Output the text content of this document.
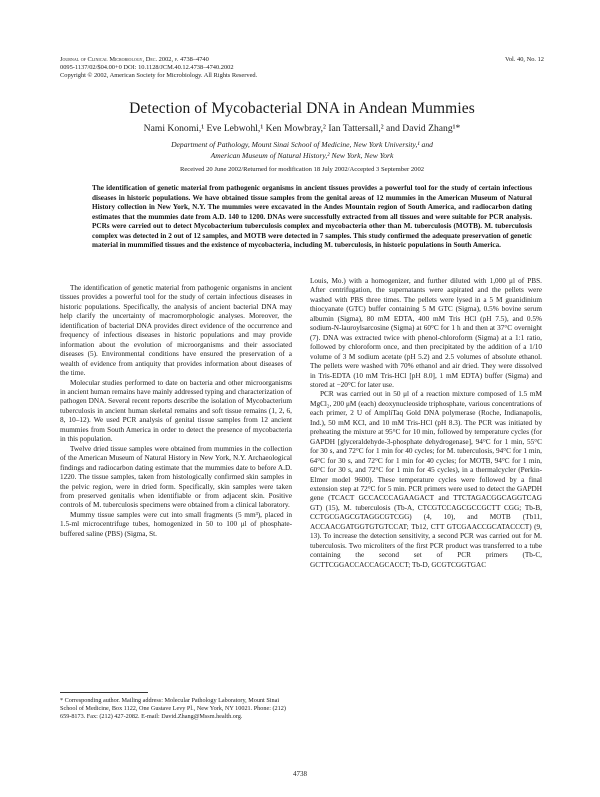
Journal of Clinical Microbiology, Dec. 2002, p. 4738–4740
0095-1137/02/$04.00+0 DOI: 10.1128/JCM.40.12.4738–4740.2002
Copyright © 2002, American Society for Microbiology. All Rights Reserved.
Vol. 40, No. 12
Detection of Mycobacterial DNA in Andean Mummies
Nami Konomi,¹ Eve Lebwohl,¹ Ken Mowbray,² Ian Tattersall,² and David Zhang¹*
Department of Pathology, Mount Sinai School of Medicine, New York University,¹ and
American Museum of Natural History,² New York, New York
Received 20 June 2002/Returned for modification 18 July 2002/Accepted 3 September 2002
The identification of genetic material from pathogenic organisms in ancient tissues provides a powerful tool for the study of certain infectious diseases in historic populations. We have obtained tissue samples from the genital areas of 12 mummies in the American Museum of Natural History collection in New York, N.Y. The mummies were excavated in the Andes Mountain region of South America, and radiocarbon dating estimates that the mummies date from A.D. 140 to 1200. DNAs were successfully extracted from all tissues and were suitable for PCR analysis. PCRs were carried out to detect Mycobacterium tuberculosis complex and mycobacteria other than M. tuberculosis (MOTB). M. tuberculosis complex was detected in 2 out of 12 samples, and MOTB were detected in 7 samples. This study confirmed the adequate preservation of genetic material in mummified tissues and the existence of mycobacteria, including M. tuberculosis, in historic populations in South America.

The identification of genetic material from pathogenic organisms in ancient tissues provides a powerful tool for the study of certain infectious diseases in historic populations. Specifically, the analysis of ancient bacterial DNA may help clarify the uncertainty of macromorphologic analyses. Moreover, the identification of bacterial DNA provides direct evidence of the occurrence and frequency of infectious diseases in historic populations and may provide information about the evolution of microorganisms and their associated diseases (5). Environmental conditions have ensured the preservation of a wealth of evidence from antiquity that provides information about diseases of the time.

Molecular studies performed to date on bacteria and other microorganisms in ancient human remains have mainly addressed typing and characterization of pathogen DNA. Several recent reports describe the isolation of Mycobacterium tuberculosis in ancient human skeletal remains and soft tissue remains (1, 2, 6, 8, 10–12). We used PCR analysis of genital tissue samples from 12 ancient mummies from South America in order to detect the presence of mycobacteria in this population.

Twelve dried tissue samples were obtained from mummies in the collection of the American Museum of Natural History in New York, N.Y. Archaeological findings and radiocarbon dating estimate that the mummies date to before A.D. 1220. The tissue samples, taken from histologically confirmed skin samples in the pelvic region, were in dried form. Specifically, skin samples were taken from preserved genitalis when identifiable or from adjacent skin. Positive controls of M. tuberculosis specimens were obtained from a clinical laboratory.

Mummy tissue samples were cut into small fragments (5 mm³), placed in 1.5-ml microcentrifuge tubes, homogenized in 50 to 100 μl of phosphate-buffered saline (PBS) (Sigma, St.

Louis, Mo.) with a homogenizer, and further diluted with 1,000 μl of PBS. After centrifugation, the supernatants were aspirated and the pellets were washed with PBS three times. The pellets were lysed in a 5 M guanidinium thiocyanate (GTC) buffer containing 5 M GTC (Sigma), 0.5% bovine serum albumin (Sigma), 80 mM EDTA, 400 mM Tris HCl (pH 7.5), and 0.5% sodium-N-lauroylsarcosine (Sigma) at 60°C for 1 h and then at 37°C overnight (7). DNA was extracted twice with phenol-chloroform (Sigma) at a 1:1 ratio, followed by chloroform once, and then precipitated by the addition of a 1/10 volume of 3 M sodium acetate (pH 5.2) and 2.5 volumes of absolute ethanol. The pellets were washed with 70% ethanol and air dried. They were dissolved in Tris-EDTA (10 mM Tris-HCl [pH 8.0], 1 mM EDTA) buffer (Sigma) and stored at −20°C for later use.

PCR was carried out in 50 μl of a reaction mixture composed of 1.5 mM MgCl₂, 200 μM (each) deoxynucleoside triphosphate, various concentrations of each primer, 2 U of AmpliTaq Gold DNA polymerase (Roche, Indianapolis, Ind.), 50 mM KCl, and 10 mM Tris-HCl (pH 8.3). The PCR was initiated by preheating the mixture at 95°C for 10 min, followed by temperature cycles (for GAPDH [glyceraldehyde-3-phosphate dehydrogenase], 94°C for 1 min, 55°C for 30 s, and 72°C for 1 min for 40 cycles; for M. tuberculosis, 94°C for 1 min, 64°C for 30 s, and 72°C for 1 min for 40 cycles; for MOTB, 94°C for 1 min, 60°C for 30 s, and 72°C for 1 min for 45 cycles), in a thermalcycler (Perkin-Elmer model 9600). These temperature cycles were followed by a final extension step at 72°C for 5 min. PCR primers were used to detect the GAPDH gene (TCACT GCCACCCAGAAGACT and TTCTAGACGGCAGGTCAG GT) (15), M. tuberculosis (Tb-A, CTCGTCCAGCGCCGCTT CGG; Tb-B, CCTGCGAGCGTAGGCGTCGG) (4, 10), and MOTB (Tb11, ACCAACGATGGTGTGTCCAT; Tb12, CTT GTCGAACCGCATACCCT) (9, 13). To increase the detection sensitivity, a second PCR was carried out for M. tuberculosis. Two microliters of the first PCR product was transferred to a tube containing the second set of PCR primers (Tb-C, GCTTCGGACCACCAGCACCT; Tb-D, GCGTCGGTGAC

* Corresponding author. Mailing address: Molecular Pathology Laboratory, Mount Sinai School of Medicine, Box 1122, One Gustave Levy Pl., New York, NY 10021. Phone: (212) 659-8173. Fax: (212) 427-2082. E-mail: David.Zhang@Mssm.health.org.
4738
